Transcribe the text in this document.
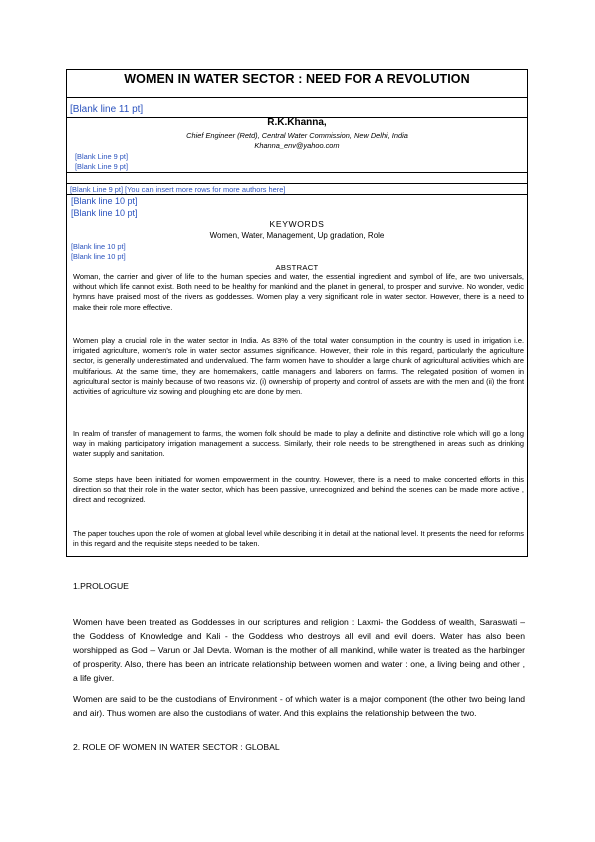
WOMEN IN WATER SECTOR : NEED FOR A REVOLUTION
[Blank line 11 pt]
R.K.Khanna,
Chief Engineer (Retd), Central Water Commission, New Delhi, India
Khanna_env@yahoo.com
[Blank Line 9 pt]
[Blank Line 9 pt]
[Blank Line 9 pt] [You can insert more rows for more authors here]
[Blank line 10 pt]
[Blank line 10 pt]
KEYWORDS
Women, Water, Management, Up gradation, Role
[Blank line 10 pt]
[Blank line 10 pt]
ABSTRACT

Woman, the carrier and giver of life to the human species and water, the essential ingredient and symbol of life, are two universals, without which life cannot exist. Both need to be healthy for mankind and the planet in general, to prosper and survive. No wonder, vedic hymns have praised most of the rivers as goddesses. Women play a very significant role in water sector. However, there is a need to make their role more effective.

Women play a crucial role in the water sector in India. As 83% of the total water consumption in the country is used in irrigation i.e. irrigated agriculture, women's role in water sector assumes significance. However, their role in this regard, particularly the agriculture sector, is generally underestimated and undervalued. The farm women have to shoulder a large chunk of agricultural activities which are multifarious. At the same time, they are homemakers, cattle managers and laborers on farms. The relegated position of women in agricultural sector is mainly because of two reasons viz. (i) ownership of property and control of assets are with the men and (ii) the front activities of agriculture viz sowing and ploughing etc are done by men.

In realm of transfer of management to farms, the women folk should be made to play a definite and distinctive role which will go a long way in making participatory irrigation management a success. Similarly, their role needs to be strengthened in areas such as drinking water supply and sanitation.

Some steps have been initiated for women empowerment in the country. However, there is a need to make concerted efforts in this direction so that their role in the water sector, which has been passive, unrecognized and behind the scenes can be made more active , direct and recognized.

The paper touches upon the role of women at global level while describing it in detail at the national level. It presents the need for reforms in this regard and the requisite steps needed to be taken.

1.PROLOGUE

Women have been treated as Goddesses in our scriptures and religion : Laxmi- the Goddess of wealth, Saraswati – the Goddess of Knowledge and Kali - the Goddess who destroys all evil and evil doers. Water has also been worshipped as God – Varun or Jal Devta. Woman is the mother of all mankind, while water is treated as the harbinger of prosperity. Also, there has been an intricate relationship between women and water : one, a living being and other , a life giver.

Women are said to be the custodians of Environment - of which water is a major component (the other two being land and air). Thus women are also the custodians of water. And this explains the relationship between the two.

2. ROLE OF WOMEN IN WATER SECTOR : GLOBAL
